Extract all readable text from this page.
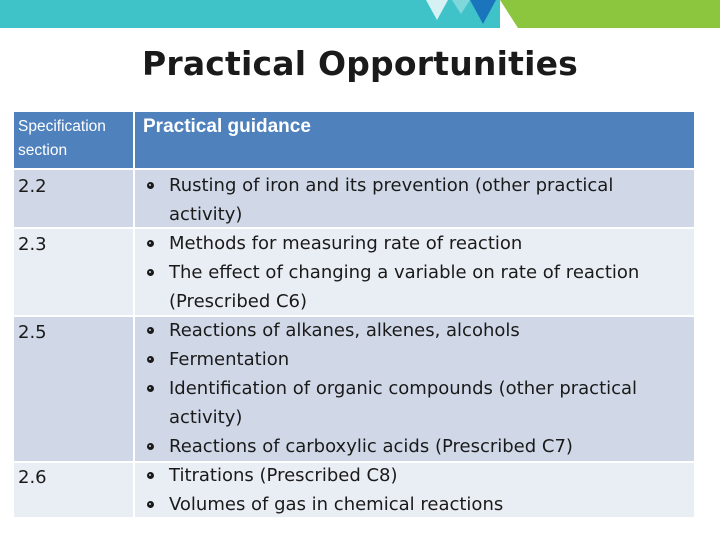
Practical Opportunities
Specification section
Practical guidance
2.2
2.3
2.5
2.6
Rusting of iron and its prevention (other practical activity)
Methods for measuring rate of reaction
The effect of changing a variable on rate of reaction (Prescribed C6)
Reactions of alkanes, alkenes, alcohols
Fermentation
Identification of organic compounds (other practical activity)
Reactions of carboxylic acids (Prescribed C7)
Titrations (Prescribed C8)
Volumes of gas in chemical reactions
